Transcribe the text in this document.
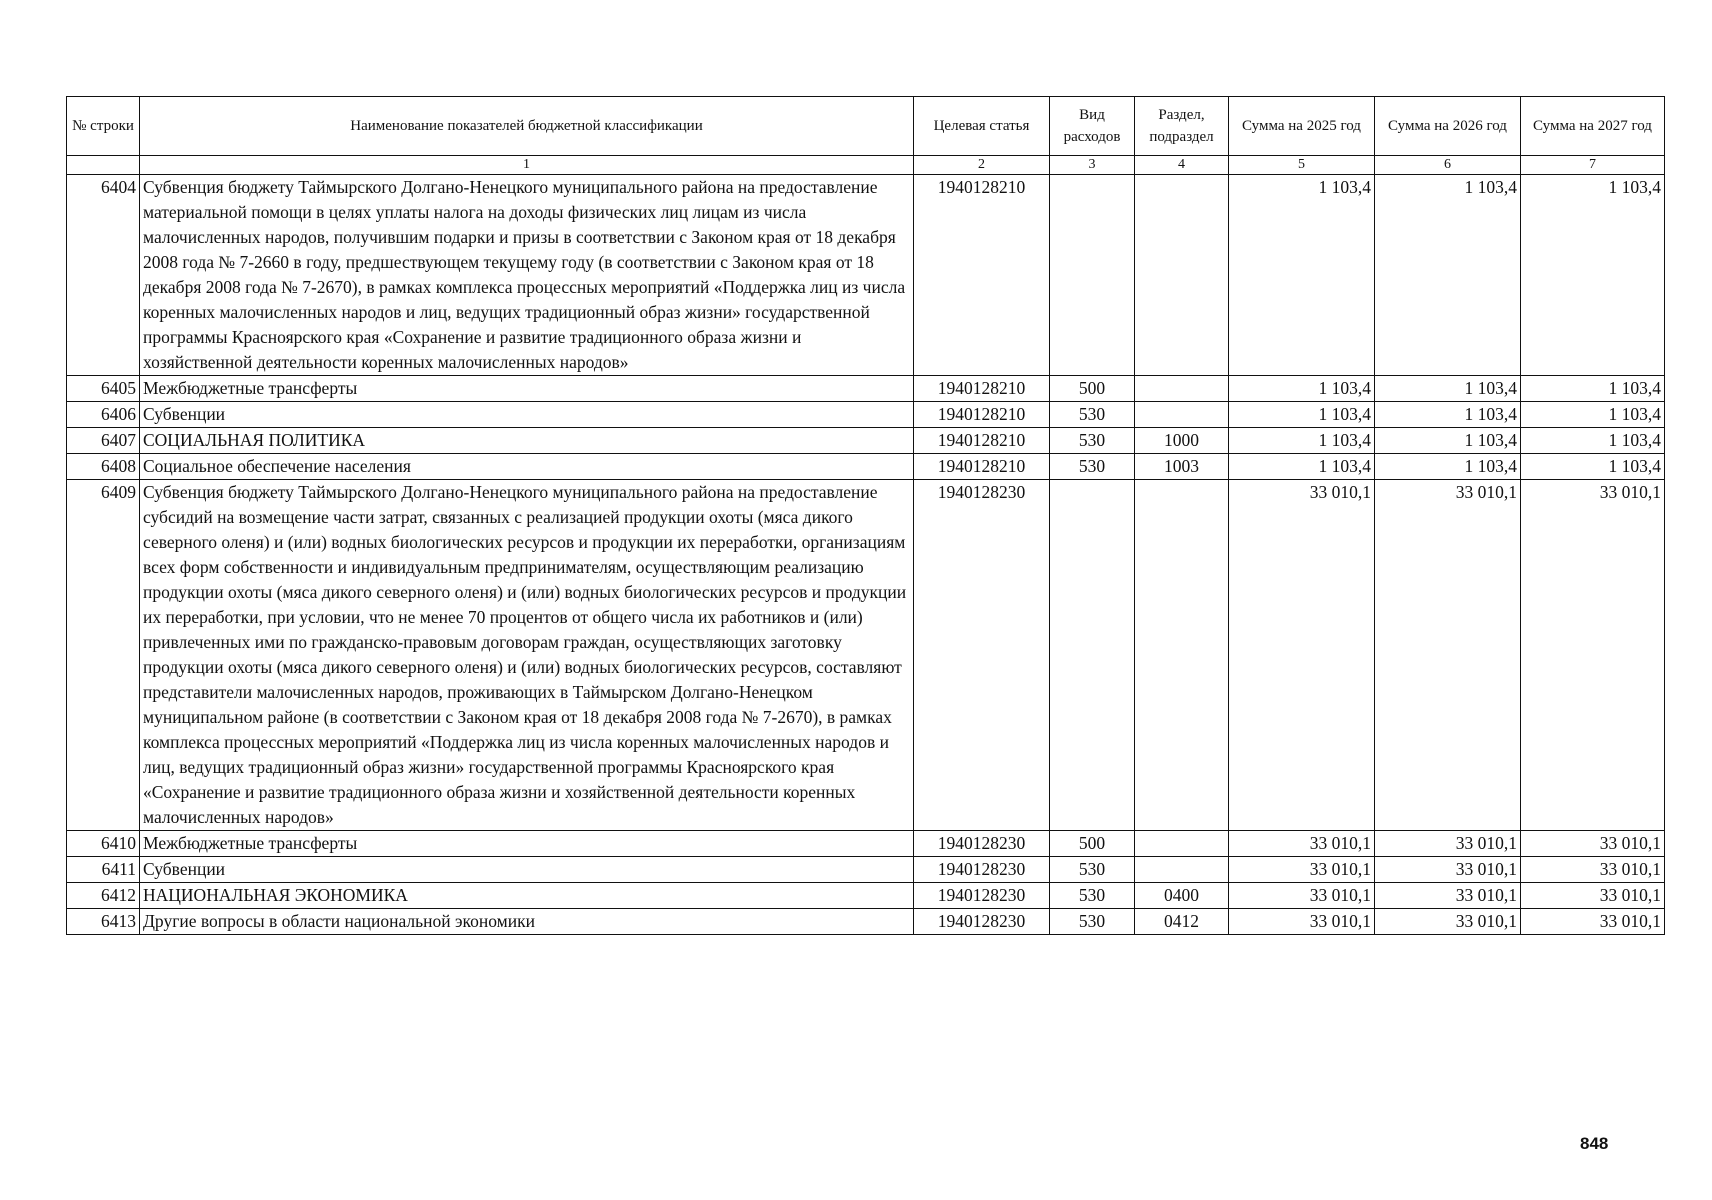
№ строки	Наименование показателей бюджетной классификации	Целевая статья	Вид расходов	Раздел, подраздел	Сумма на 2025 год	Сумма на 2026 год	Сумма на 2027 год
	1	2	3	4	5	6	7
6404	Субвенция бюджету Таймырского Долгано-Ненецкого муниципального района на предоставление материальной помощи в целях уплаты налога на доходы физических лиц лицам из числа малочисленных народов, получившим подарки и призы в соответствии с Законом края от 18 декабря 2008 года № 7-2660 в году, предшествующем текущему году (в соответствии с Законом края от 18 декабря 2008 года № 7-2670), в рамках комплекса процессных мероприятий «Поддержка лиц из числа коренных малочисленных народов и лиц, ведущих традиционный образ жизни» государственной программы Красноярского края «Сохранение и развитие традиционного образа жизни и хозяйственной деятельности коренных малочисленных народов»	1940128210			1 103,4	1 103,4	1 103,4
6405	Межбюджетные трансферты	1940128210	500		1 103,4	1 103,4	1 103,4
6406	Субвенции	1940128210	530		1 103,4	1 103,4	1 103,4
6407	СОЦИАЛЬНАЯ ПОЛИТИКА	1940128210	530	1000	1 103,4	1 103,4	1 103,4
6408	Социальное обеспечение населения	1940128210	530	1003	1 103,4	1 103,4	1 103,4
6409	Субвенция бюджету Таймырского Долгано-Ненецкого муниципального района на предоставление субсидий на возмещение части затрат, связанных с реализацией продукции охоты (мяса дикого северного оленя) и (или) водных биологических ресурсов и продукции их переработки, организациям всех форм собственности и индивидуальным предпринимателям, осуществляющим реализацию продукции охоты (мяса дикого северного оленя) и (или) водных биологических ресурсов и продукции их переработки, при условии, что не менее 70 процентов от общего числа их работников и (или) привлеченных ими по гражданско-правовым договорам граждан, осуществляющих заготовку продукции охоты (мяса дикого северного оленя) и (или) водных биологических ресурсов, составляют представители малочисленных народов, проживающих в Таймырском Долгано-Ненецком муниципальном районе (в соответствии с Законом края от 18 декабря 2008 года № 7-2670), в рамках комплекса процессных мероприятий «Поддержка лиц из числа коренных малочисленных народов и лиц, ведущих традиционный образ жизни» государственной программы Красноярского края «Сохранение и развитие традиционного образа жизни и хозяйственной деятельности коренных малочисленных народов»	1940128230			33 010,1	33 010,1	33 010,1
6410	Межбюджетные трансферты	1940128230	500		33 010,1	33 010,1	33 010,1
6411	Субвенции	1940128230	530		33 010,1	33 010,1	33 010,1
6412	НАЦИОНАЛЬНАЯ ЭКОНОМИКА	1940128230	530	0400	33 010,1	33 010,1	33 010,1
6413	Другие вопросы в области национальной экономики	1940128230	530	0412	33 010,1	33 010,1	33 010,1
848
